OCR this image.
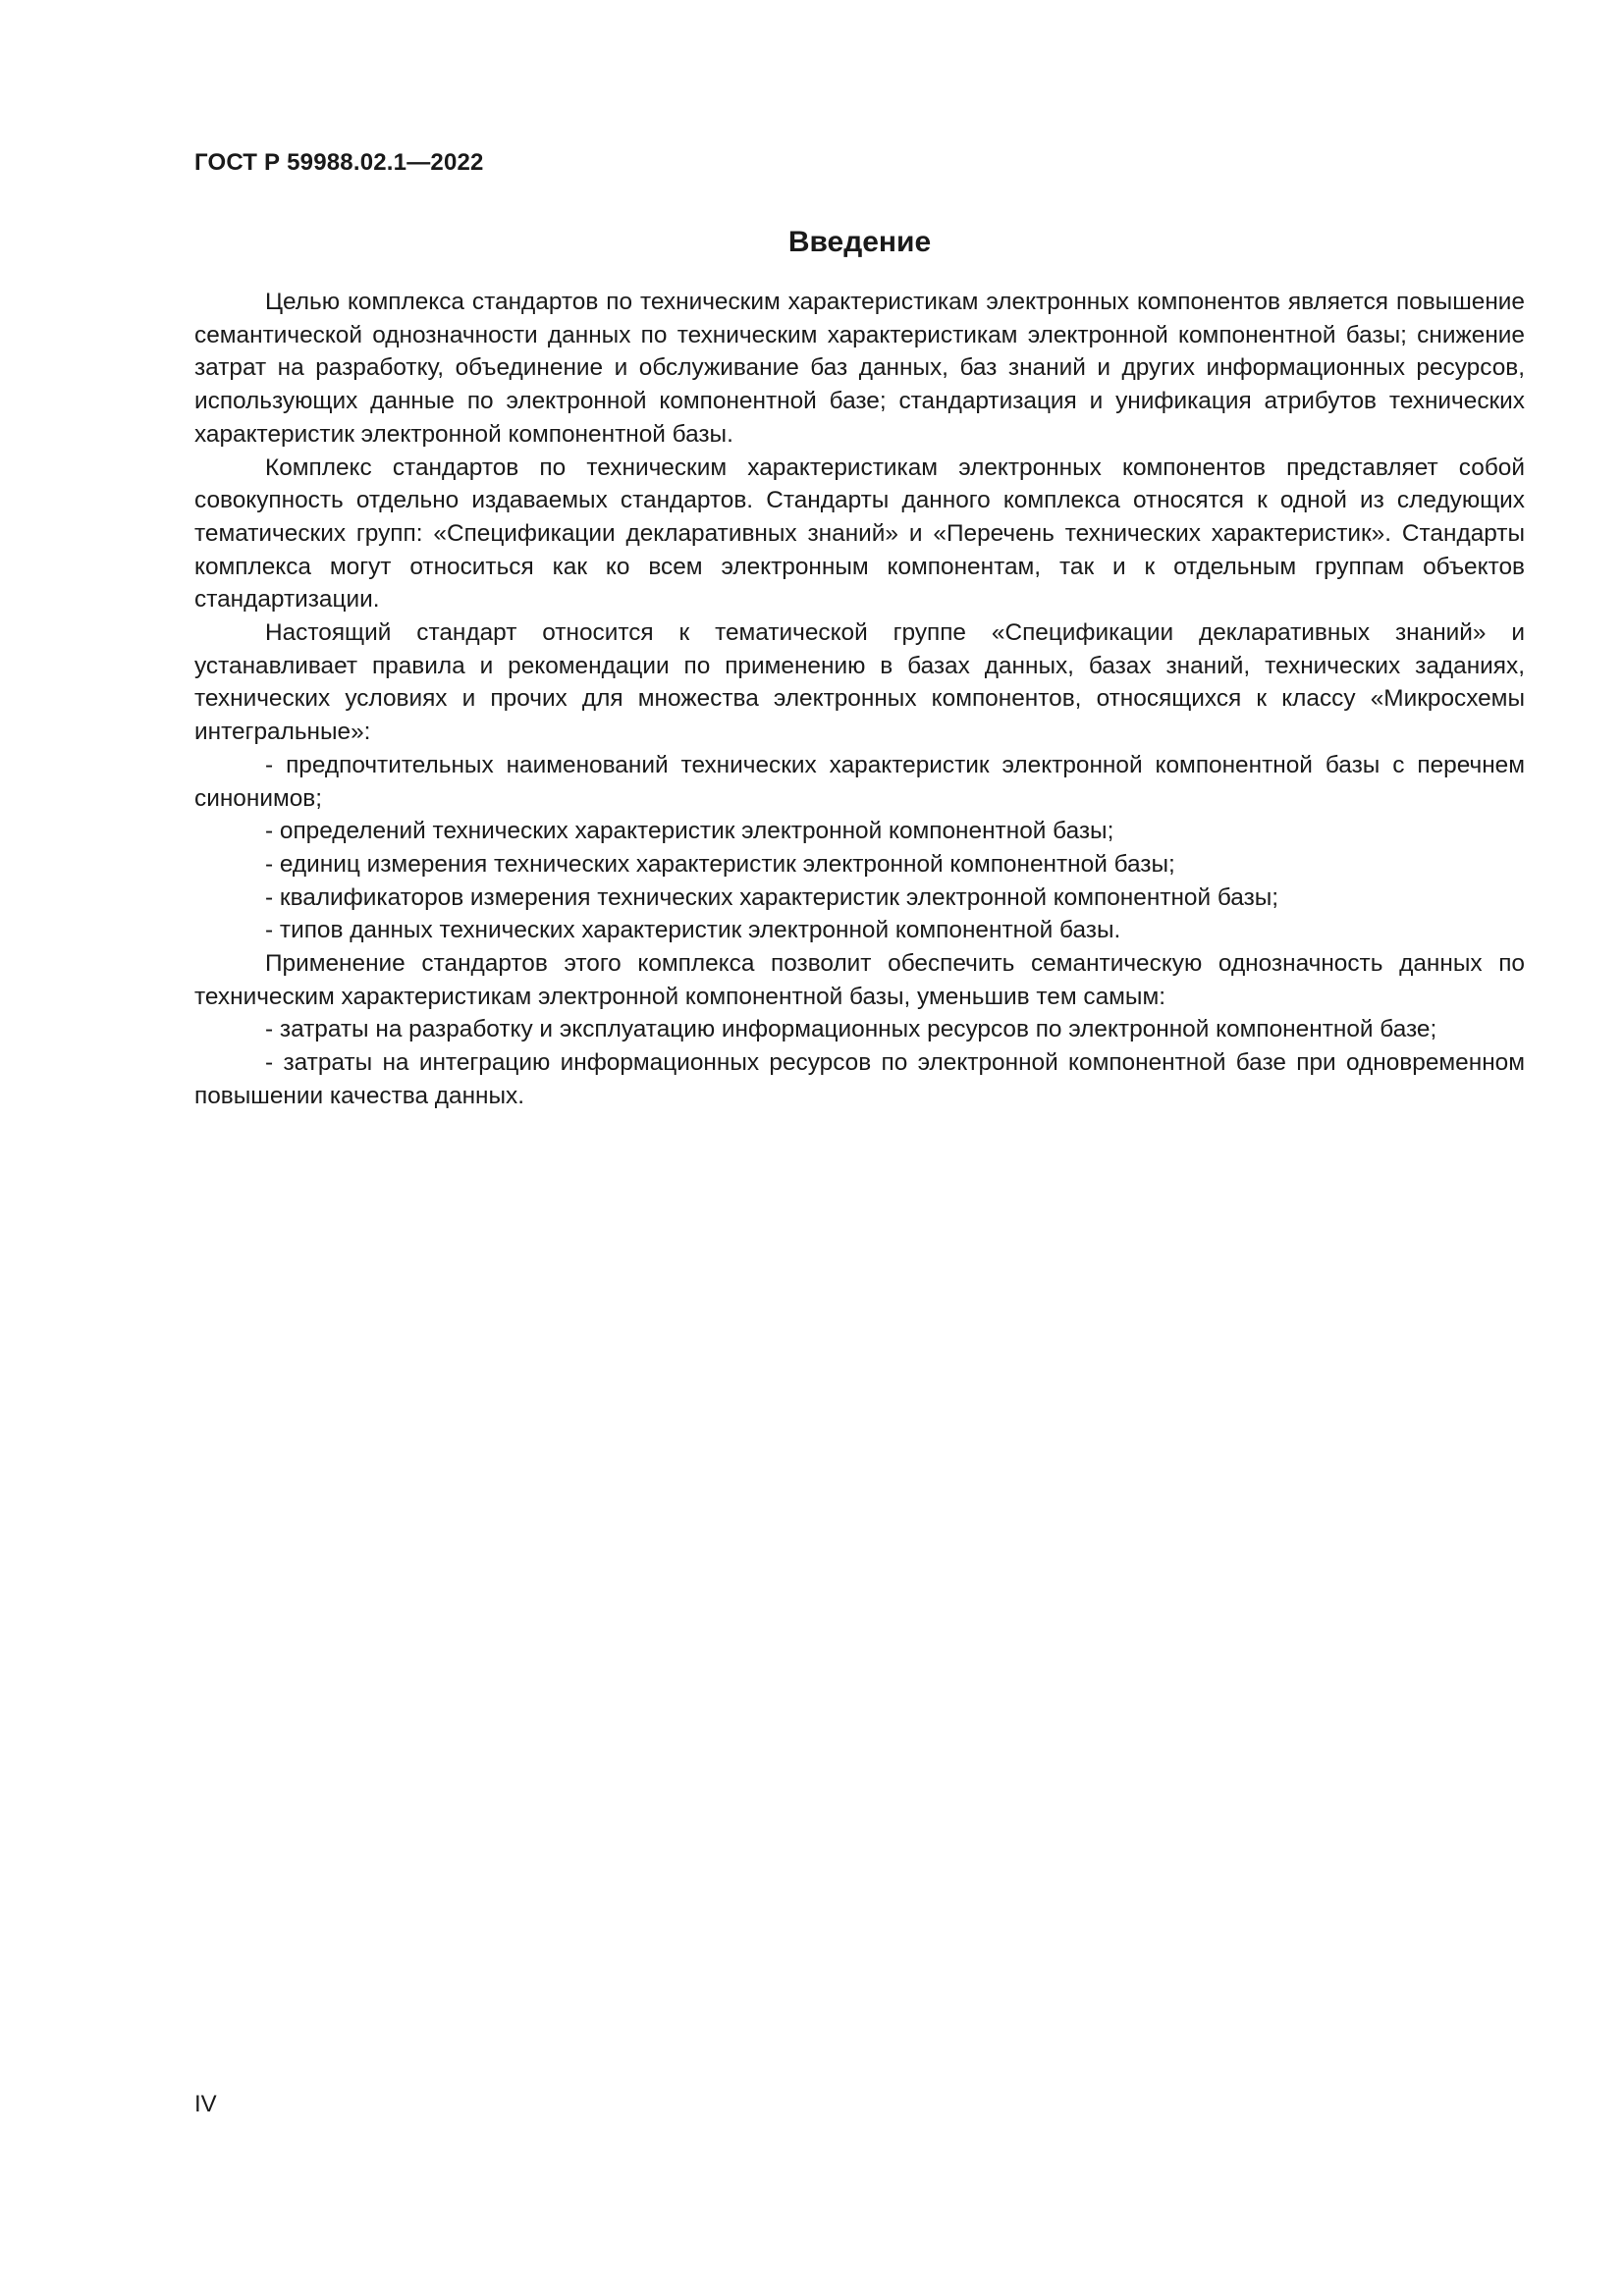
ГОСТ Р 59988.02.1—2022
Введение

Целью комплекса стандартов по техническим характеристикам электронных компонентов является повышение семантической однозначности данных по техническим характеристикам электронной компонентной базы; снижение затрат на разработку, объединение и обслуживание баз данных, баз знаний и других информационных ресурсов, использующих данные по электронной компонентной базе; стандартизация и унификация атрибутов технических характеристик электронной компонентной базы.

Комплекс стандартов по техническим характеристикам электронных компонентов представляет собой совокупность отдельно издаваемых стандартов. Стандарты данного комплекса относятся к одной из следующих тематических групп: «Спецификации декларативных знаний» и «Перечень технических характеристик». Стандарты комплекса могут относиться как ко всем электронным компонентам, так и к отдельным группам объектов стандартизации.

Настоящий стандарт относится к тематической группе «Спецификации декларативных знаний» и устанавливает правила и рекомендации по применению в базах данных, базах знаний, технических заданиях, технических условиях и прочих для множества электронных компонентов, относящихся к классу «Микросхемы интегральные»:

- предпочтительных наименований технических характеристик электронной компонентной базы с перечнем синонимов;

- определений технических характеристик электронной компонентной базы;

- единиц измерения технических характеристик электронной компонентной базы;

- квалификаторов измерения технических характеристик электронной компонентной базы;

- типов данных технических характеристик электронной компонентной базы.

Применение стандартов этого комплекса позволит обеспечить семантическую однозначность данных по техническим характеристикам электронной компонентной базы, уменьшив тем самым:

- затраты на разработку и эксплуатацию информационных ресурсов по электронной компонентной базе;

- затраты на интеграцию информационных ресурсов по электронной компонентной базе при одновременном повышении качества данных.

IV
